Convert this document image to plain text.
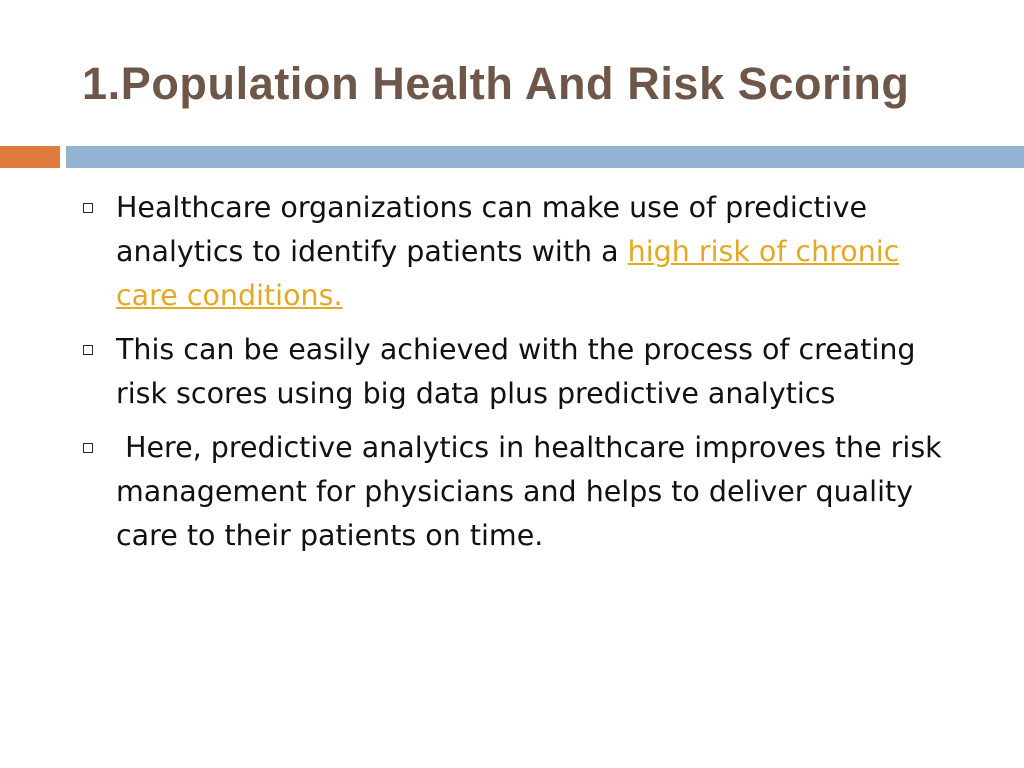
1.Population Health And Risk Scoring
Healthcare organizations can make use of predictive analytics to identify patients with a high risk of chronic care conditions.
This can be easily achieved with the process of creating risk scores using big data plus predictive analytics
Here, predictive analytics in healthcare improves the risk management for physicians and helps to deliver quality care to their patients on time.
